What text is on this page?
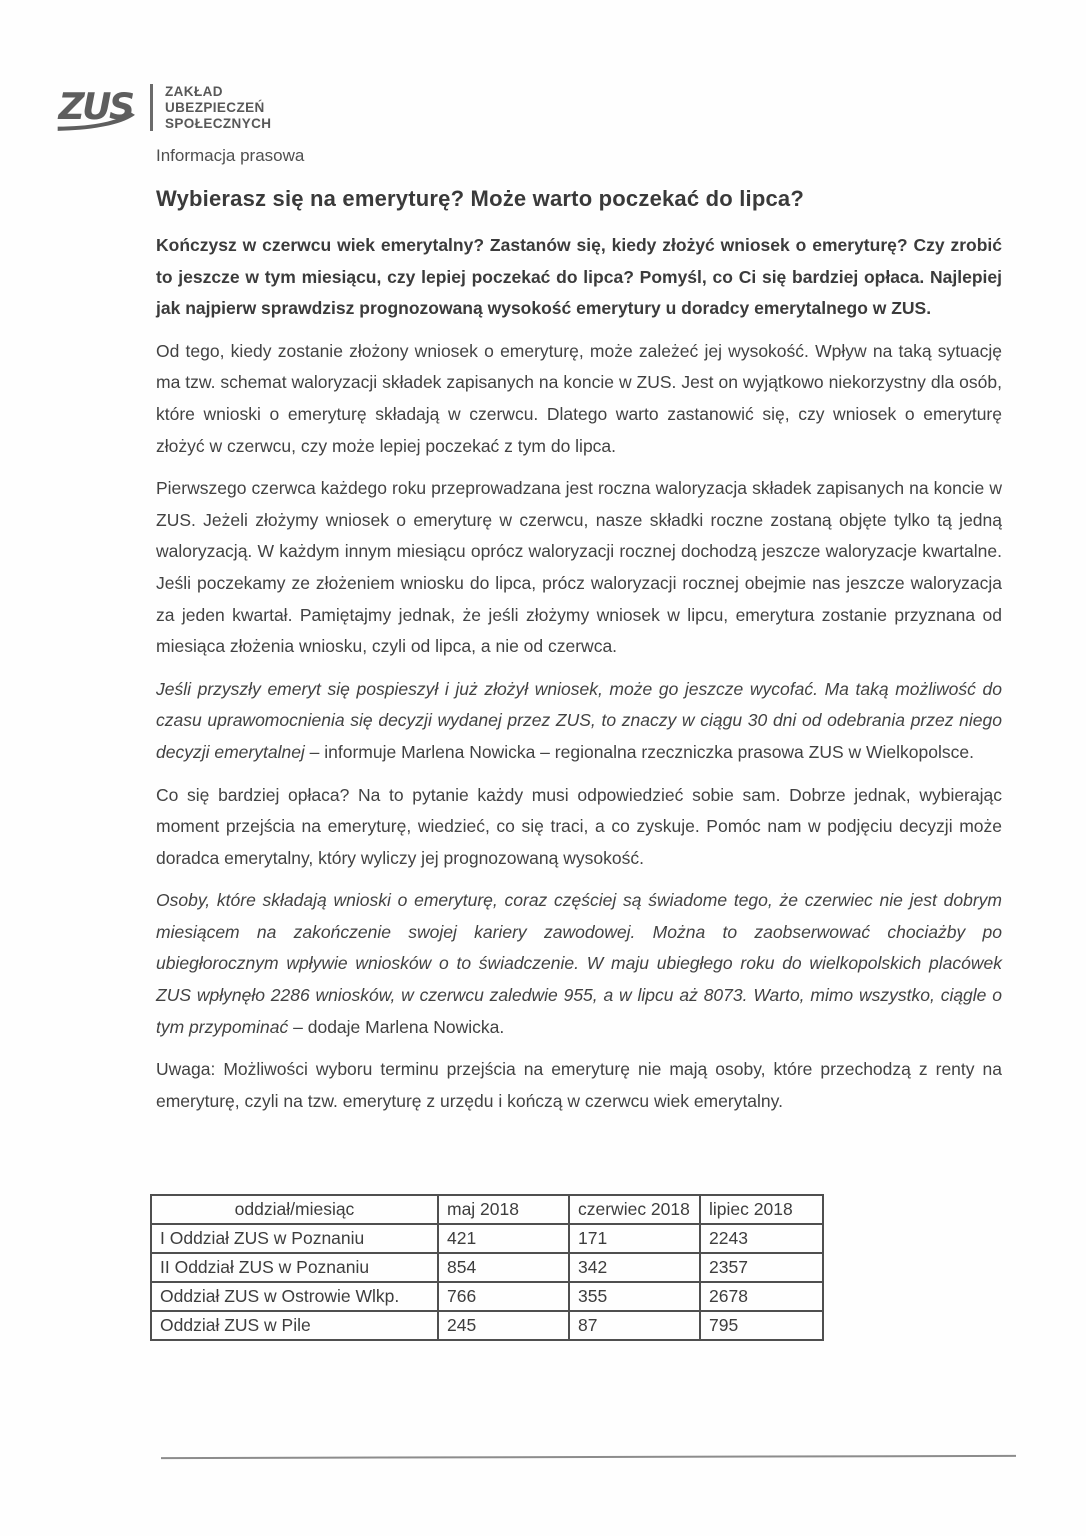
ZUS ZAKŁAD
UBEZPIECZEŃ
SPOŁECZNYCH
Informacja prasowa
Wybierasz się na emeryturę? Może warto poczekać do lipca?

Kończysz w czerwcu wiek emerytalny? Zastanów się, kiedy złożyć wniosek o emeryturę? Czy zrobić to jeszcze w tym miesiącu, czy lepiej poczekać do lipca? Pomyśl, co Ci się bardziej opłaca. Najlepiej jak najpierw sprawdzisz prognozowaną wysokość emerytury u doradcy emerytalnego w ZUS.

Od tego, kiedy zostanie złożony wniosek o emeryturę, może zależeć jej wysokość. Wpływ na taką sytuację ma tzw. schemat waloryzacji składek zapisanych na koncie w ZUS. Jest on wyjątkowo niekorzystny dla osób, które wnioski o emeryturę składają w czerwcu. Dlatego warto zastanowić się, czy wniosek o emeryturę złożyć w czerwcu, czy może lepiej poczekać z tym do lipca.

Pierwszego czerwca każdego roku przeprowadzana jest roczna waloryzacja składek zapisanych na koncie w ZUS. Jeżeli złożymy wniosek o emeryturę w czerwcu, nasze składki roczne zostaną objęte tylko tą jedną waloryzacją. W każdym innym miesiącu oprócz waloryzacji rocznej dochodzą jeszcze waloryzacje kwartalne. Jeśli poczekamy ze złożeniem wniosku do lipca, prócz waloryzacji rocznej obejmie nas jeszcze waloryzacja za jeden kwartał. Pamiętajmy jednak, że jeśli złożymy wniosek w lipcu, emerytura zostanie przyznana od miesiąca złożenia wniosku, czyli od lipca, a nie od czerwca.

Jeśli przyszły emeryt się pospieszył i już złożył wniosek, może go jeszcze wycofać. Ma taką możliwość do czasu uprawomocnienia się decyzji wydanej przez ZUS, to znaczy w ciągu 30 dni od odebrania przez niego decyzji emerytalnej – informuje Marlena Nowicka – regionalna rzeczniczka prasowa ZUS w Wielkopolsce.

Co się bardziej opłaca? Na to pytanie każdy musi odpowiedzieć sobie sam. Dobrze jednak, wybierając moment przejścia na emeryturę, wiedzieć, co się traci, a co zyskuje. Pomóc nam w podjęciu decyzji może doradca emerytalny, który wyliczy jej prognozowaną wysokość.

Osoby, które składają wnioski o emeryturę, coraz częściej są świadome tego, że czerwiec nie jest dobrym miesiącem na zakończenie swojej kariery zawodowej. Można to zaobserwować chociażby po ubiegłorocznym wpływie wniosków o to świadczenie. W maju ubiegłego roku do wielkopolskich placówek ZUS wpłynęło 2286 wniosków, w czerwcu zaledwie 955, a w lipcu aż 8073. Warto, mimo wszystko, ciągle o tym przypominać – dodaje Marlena Nowicka.

Uwaga: Możliwości wyboru terminu przejścia na emeryturę nie mają osoby, które przechodzą z renty na emeryturę, czyli na tzw. emeryturę z urzędu i kończą w czerwcu wiek emerytalny.

oddział/miesiąc	maj 2018	czerwiec 2018	lipiec 2018
I Oddział ZUS w Poznaniu	421	171	2243
II Oddział ZUS w Poznaniu	854	342	2357
Oddział ZUS w Ostrowie Wlkp.	766	355	2678
Oddział ZUS w Pile	245	87	795
